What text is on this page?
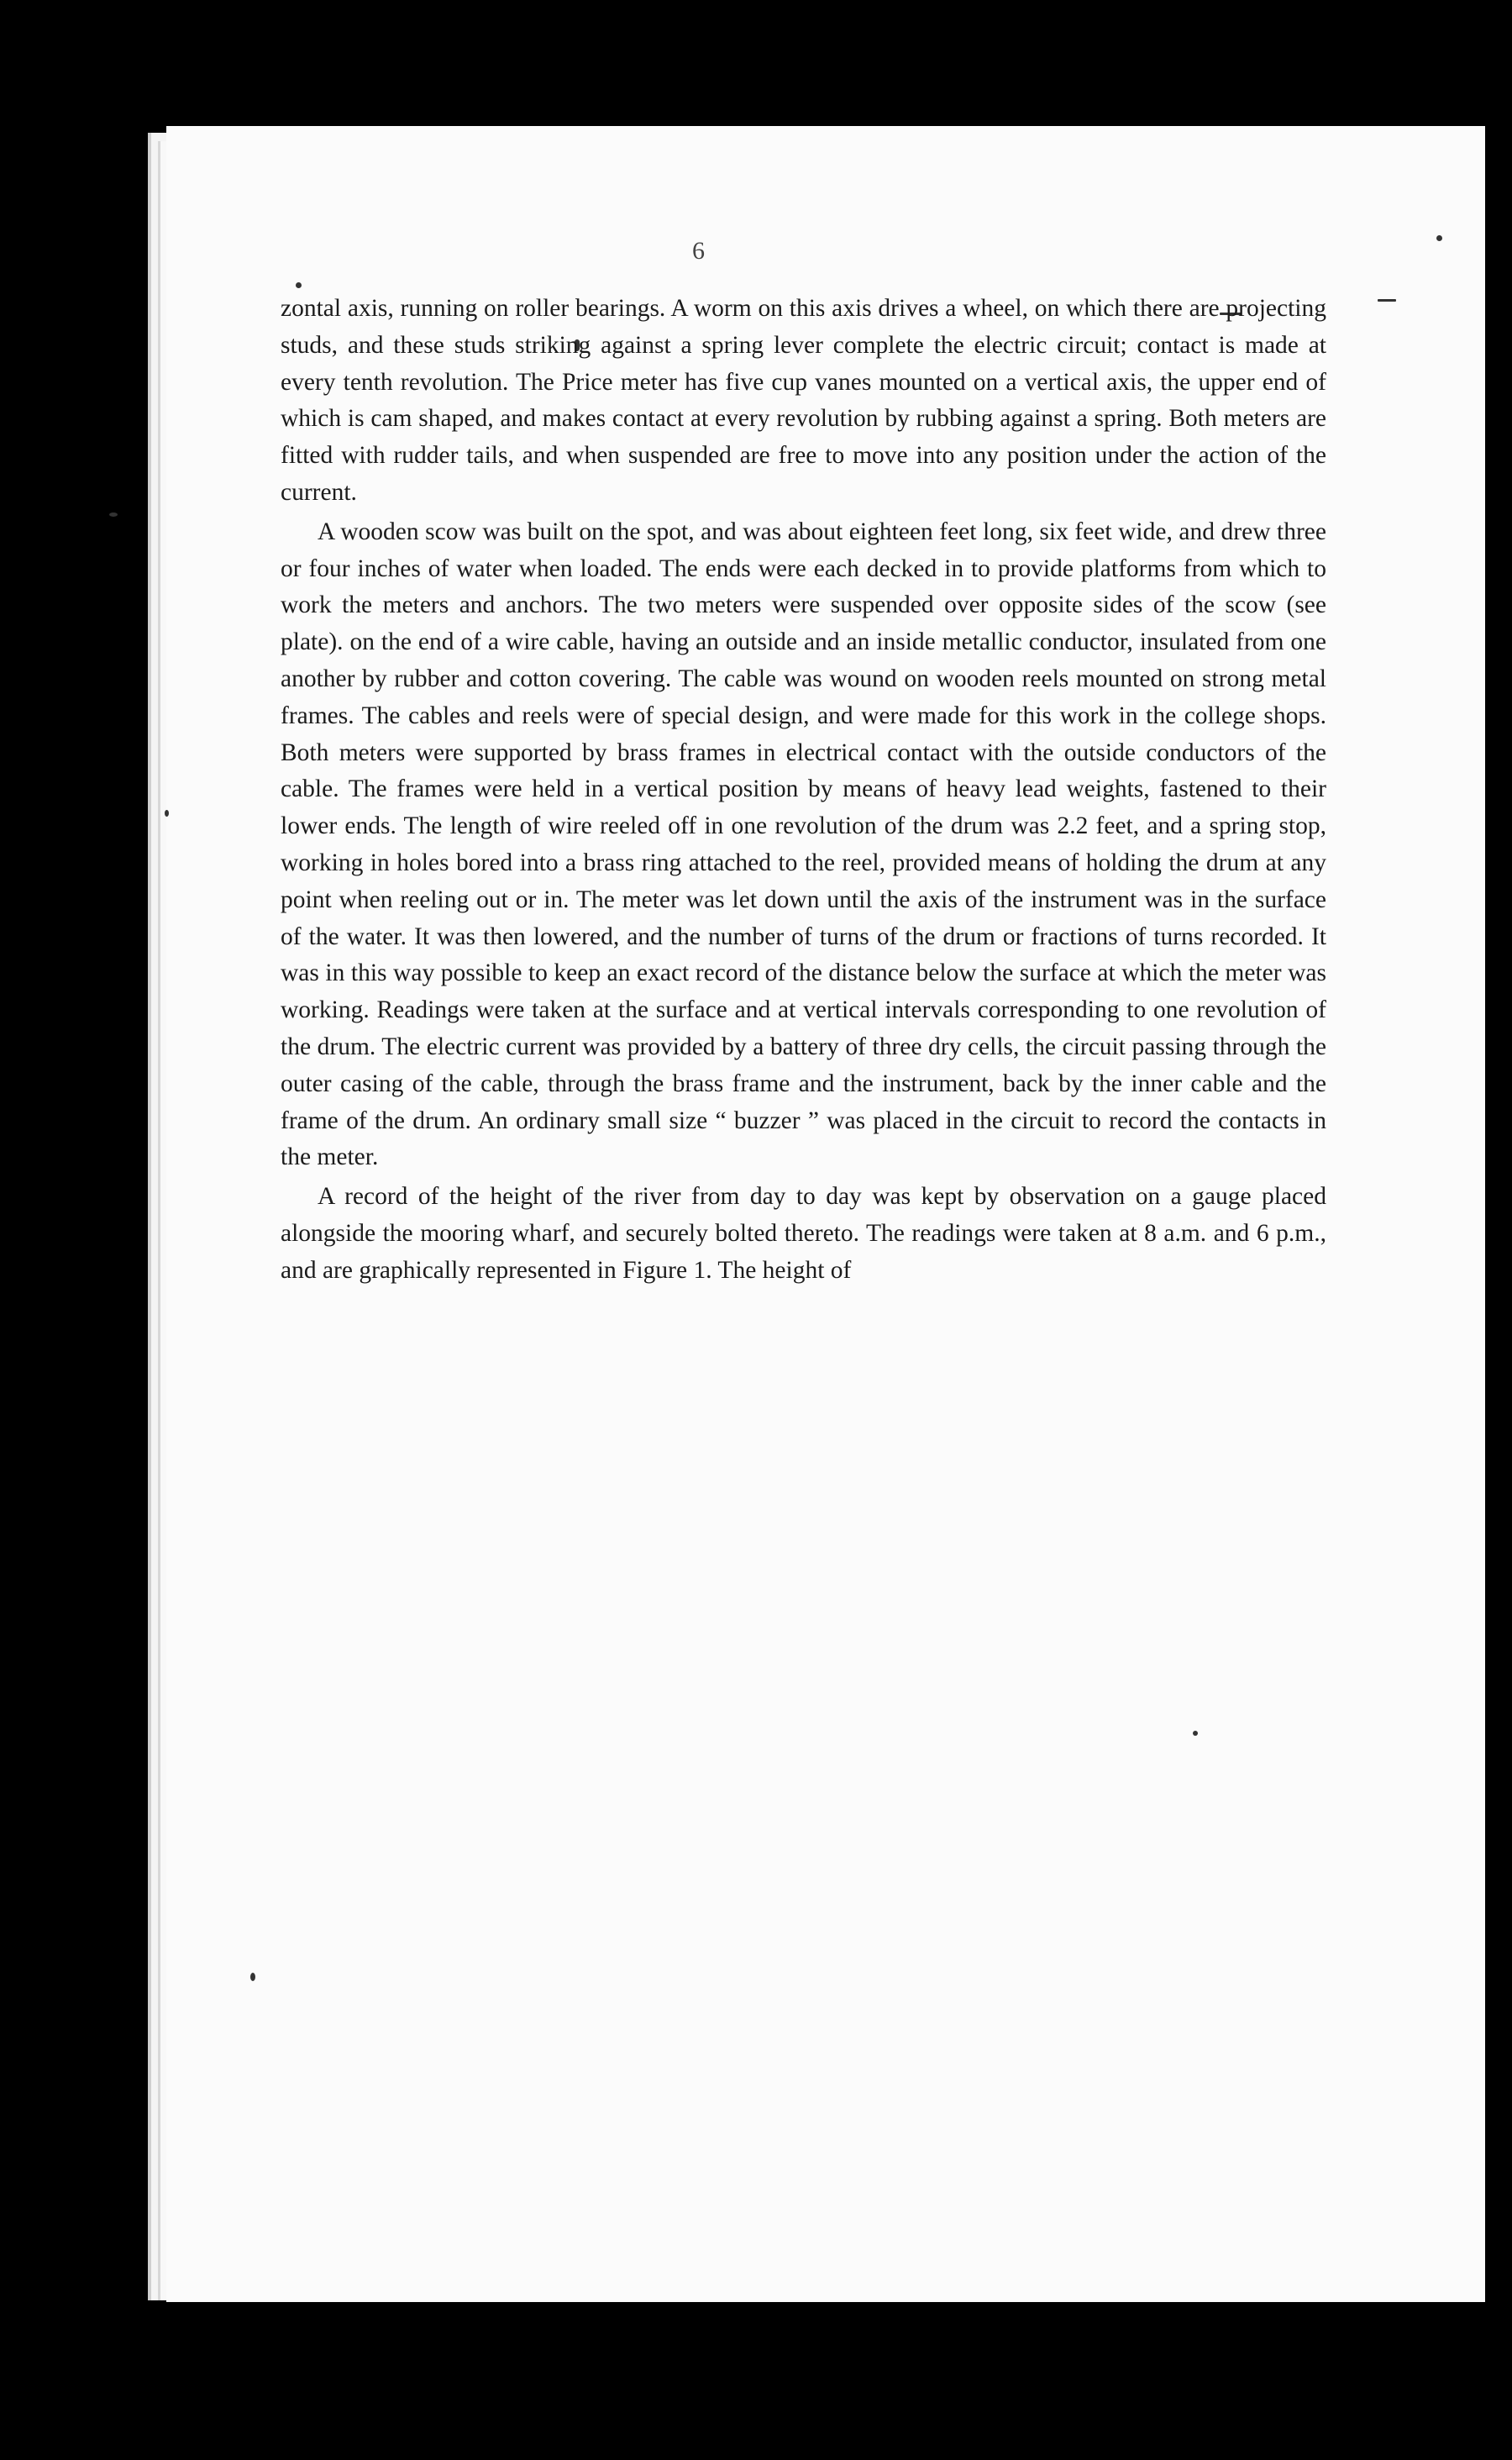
6

zontal axis, running on roller bearings. A worm on this axis drives a wheel, on which there are projecting studs, and these studs striking against a spring lever complete the electric circuit; contact is made at every tenth revolution. The Price meter has five cup vanes mounted on a vertical axis, the upper end of which is cam shaped, and makes contact at every revolution by rubbing against a spring. Both meters are fitted with rudder tails, and when suspended are free to move into any position under the action of the current.

A wooden scow was built on the spot, and was about eighteen feet long, six feet wide, and drew three or four inches of water when loaded. The ends were each decked in to provide platforms from which to work the meters and anchors. The two meters were suspended over opposite sides of the scow (see plate). on the end of a wire cable, having an outside and an inside metallic conductor, insulated from one another by rubber and cotton covering. The cable was wound on wooden reels mounted on strong metal frames. The cables and reels were of special design, and were made for this work in the college shops. Both meters were supported by brass frames in electrical contact with the outside conductors of the cable. The frames were held in a vertical position by means of heavy lead weights, fastened to their lower ends. The length of wire reeled off in one revolution of the drum was 2.2 feet, and a spring stop, working in holes bored into a brass ring attached to the reel, provided means of holding the drum at any point when reeling out or in. The meter was let down until the axis of the instrument was in the surface of the water. It was then lowered, and the number of turns of the drum or fractions of turns recorded. It was in this way possible to keep an exact record of the distance below the surface at which the meter was working. Readings were taken at the surface and at vertical intervals corresponding to one revolution of the drum. The electric current was provided by a battery of three dry cells, the circuit passing through the outer casing of the cable, through the brass frame and the instrument, back by the inner cable and the frame of the drum. An ordinary small size “ buzzer ” was placed in the circuit to record the contacts in the meter.

A record of the height of the river from day to day was kept by observation on a gauge placed alongside the mooring wharf, and securely bolted thereto. The readings were taken at 8 a.m. and 6 p.m., and are graphically represented in Figure 1. The height of
